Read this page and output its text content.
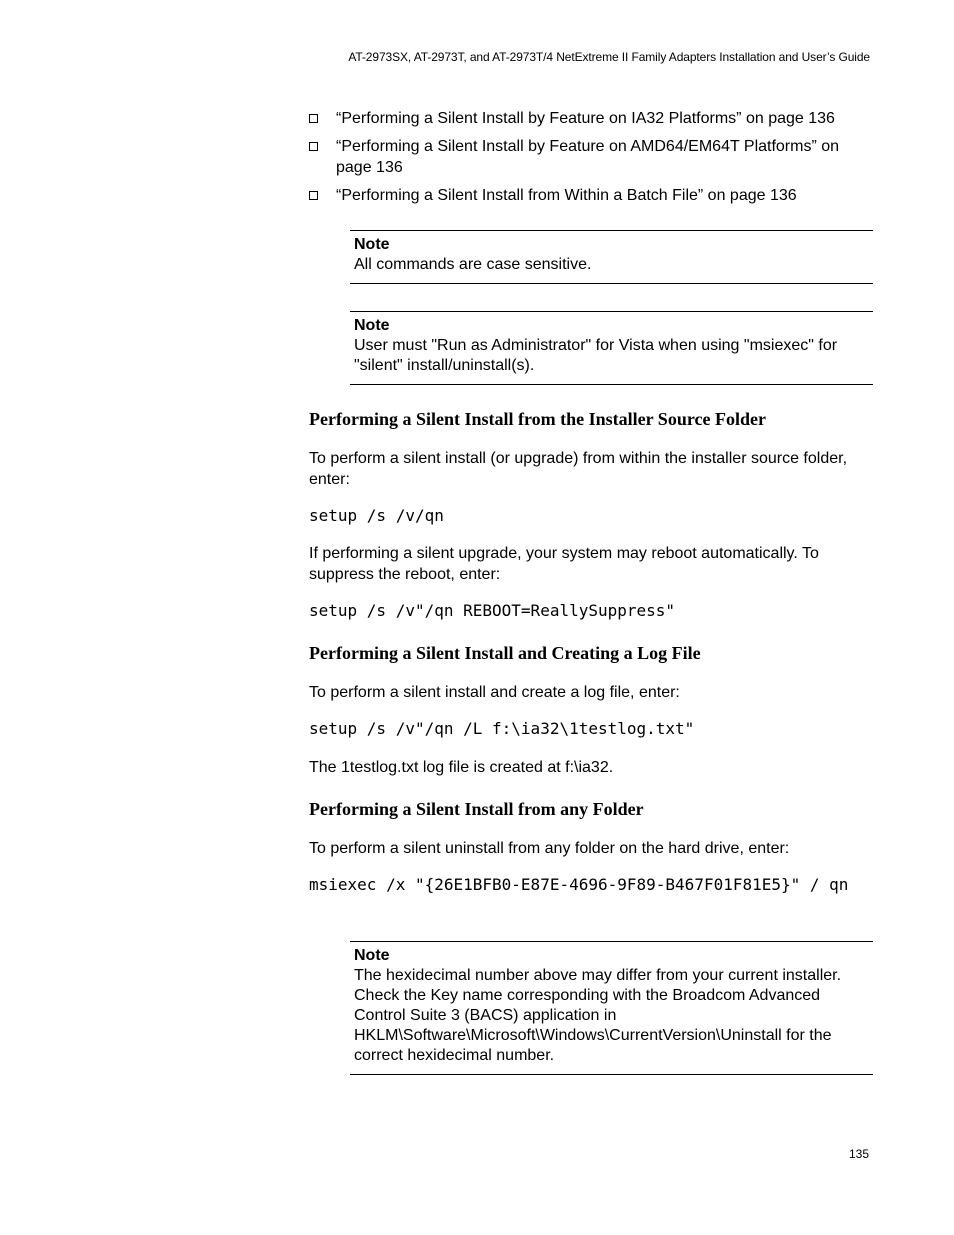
AT-2973SX, AT-2973T, and AT-2973T/4 NetExtreme II Family Adapters Installation and User’s Guide
“Performing a Silent Install by Feature on IA32 Platforms” on page 136
“Performing a Silent Install by Feature on AMD64/EM64T Platforms” on page 136
“Performing a Silent Install from Within a Batch File” on page 136
Note
All commands are case sensitive.
Note
User must "Run as Administrator" for Vista when using "msiexec" for "silent" install/uninstall(s).
Performing a Silent Install from the Installer Source Folder

To perform a silent install (or upgrade) from within the installer source folder, enter:

setup /s /v/qn

If performing a silent upgrade, your system may reboot automatically. To suppress the reboot, enter:

setup /s /v"/qn REBOOT=ReallySuppress"
Performing a Silent Install and Creating a Log File

To perform a silent install and create a log file, enter:

setup /s /v"/qn /L f:\ia32\1testlog.txt"

The 1testlog.txt log file is created at f:\ia32.

Performing a Silent Install from any Folder

To perform a silent uninstall from any folder on the hard drive, enter:

msiexec /x "{26E1BFB0-E87E-4696-9F89-B467F01F81E5}" / qn
Note
The hexidecimal number above may differ from your current installer. Check the Key name corresponding with the Broadcom Advanced Control Suite 3 (BACS) application in HKLM\Software\Microsoft\Windows\CurrentVersion\Uninstall for the correct hexidecimal number.
135
